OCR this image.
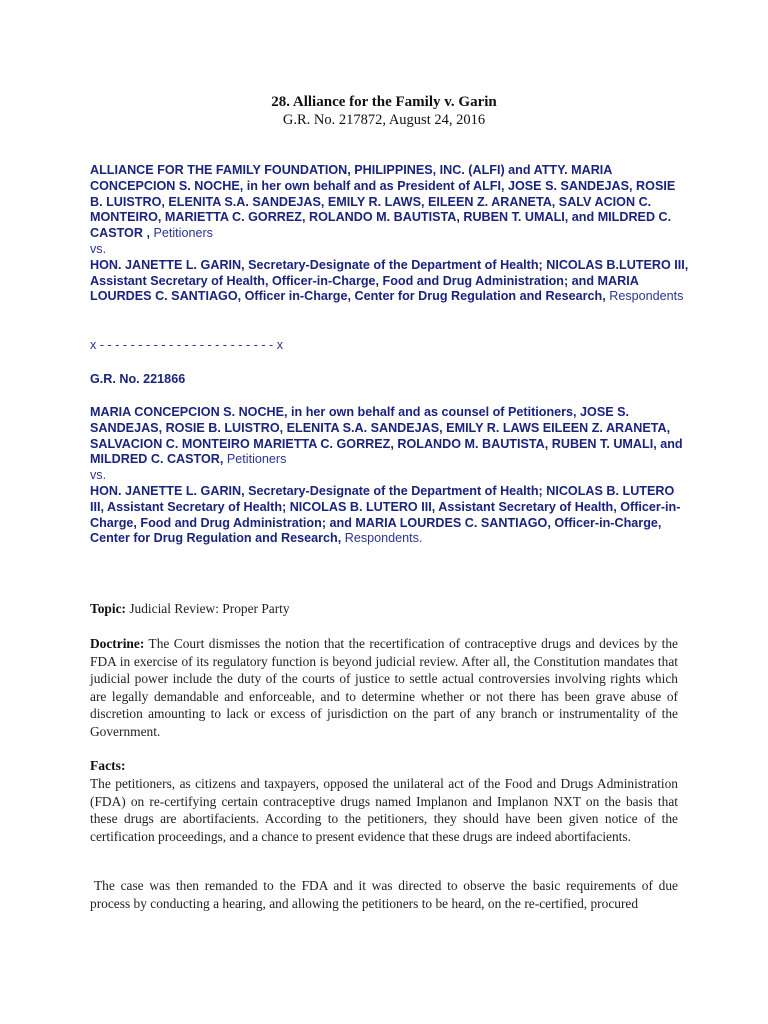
28. Alliance for the Family v. Garin
G.R. No. 217872, August 24, 2016
ALLIANCE FOR THE FAMILY FOUNDATION, PHILIPPINES, INC. (ALFI) and ATTY. MARIA CONCEPCION S. NOCHE, in her own behalf and as President of ALFI, JOSE S. SANDEJAS, ROSIE B. LUISTRO, ELENITA S.A. SANDEJAS, EMILY R. LAWS, EILEEN Z. ARANETA, SALV ACION C. MONTEIRO, MARIETTA C. GORREZ, ROLANDO M. BAUTISTA, RUBEN T. UMALI, and MILDRED C. CASTOR , Petitioners
vs.
HON. JANETTE L. GARIN, Secretary-Designate of the Department of Health; NICOLAS B.LUTERO III, Assistant Secretary of Health, Officer-in-Charge, Food and Drug Administration; and MARIA LOURDES C. SANTIAGO, Officer in-Charge, Center for Drug Regulation and Research, Respondents
x - - - - - - - - - - - - - - - - - - - - - - - x
G.R. No. 221866
MARIA CONCEPCION S. NOCHE, in her own behalf and as counsel of Petitioners, JOSE S. SANDEJAS, ROSIE B. LUISTRO, ELENITA S.A. SANDEJAS, EMILY R. LAWS EILEEN Z. ARANETA, SALVACION C. MONTEIRO MARIETTA C. GORREZ, ROLANDO M. BAUTISTA, RUBEN T. UMALI, and MILDRED C. CASTOR, Petitioners
vs.
HON. JANETTE L. GARIN, Secretary-Designate of the Department of Health; NICOLAS B. LUTERO III, Assistant Secretary of Health; NICOLAS B. LUTERO III, Assistant Secretary of Health, Officer-in-Charge, Food and Drug Administration; and MARIA LOURDES C. SANTIAGO, Officer-in-Charge, Center for Drug Regulation and Research, Respondents.
Topic: Judicial Review: Proper Party
Doctrine: The Court dismisses the notion that the recertification of contraceptive drugs and devices by the FDA in exercise of its regulatory function is beyond judicial review. After all, the Constitution mandates that judicial power include the duty of the courts of justice to settle actual controversies involving rights which are legally demandable and enforceable, and to determine whether or not there has been grave abuse of discretion amounting to lack or excess of jurisdiction on the part of any branch or instrumentality of the Government.
Facts:
The petitioners, as citizens and taxpayers, opposed the unilateral act of the Food and Drugs Administration (FDA) on re-certifying certain contraceptive drugs named Implanon and Implanon NXT on the basis that these drugs are abortifacients. According to the petitioners, they should have been given notice of the certification proceedings, and a chance to present evidence that these drugs are indeed abortifacients.
The case was then remanded to the FDA and it was directed to observe the basic requirements of due process by conducting a hearing, and allowing the petitioners to be heard, on the re-certified, procured
